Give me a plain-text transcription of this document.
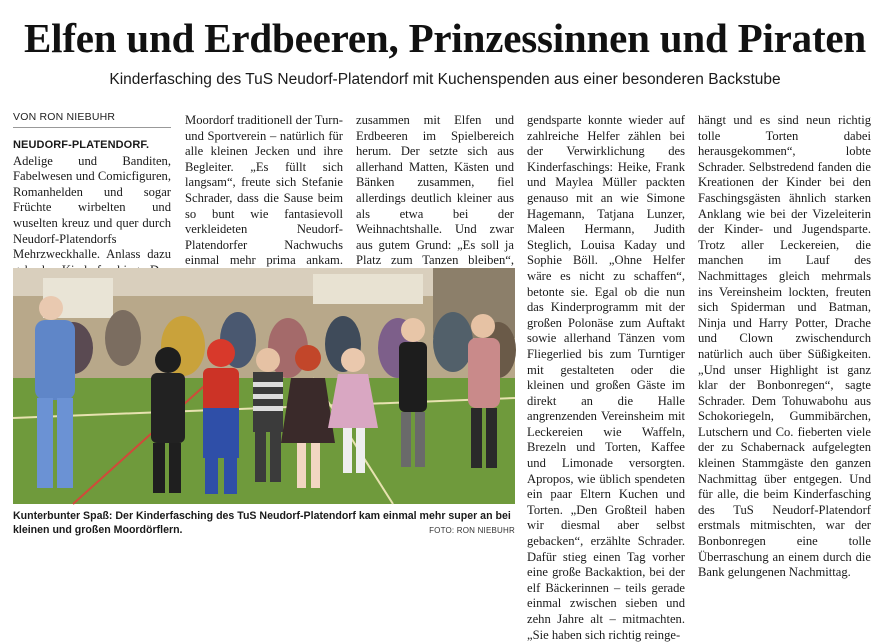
Elfen und Erdbeeren, Prinzessinnen und Piraten
Kinderfasching des TuS Neudorf-Platendorf mit Kuchenspenden aus einer besonderen Backstube
VON RON NIEBUHR

NEUDORF-PLATENDORF. Adelige und Banditen, Fabelwesen und Comicfiguren, Romanhelden und sogar Früchte wirbelten und wuselten kreuz und quer durch Neudorf-Platendorfs Mehrzweckhalle. Anlass dazu

Moordorf traditionell der Turn- und Sportverein – natürlich für alle kleinen Jecken und ihre Begleiter. „Es füllt sich langsam“, freute sich Stefanie Schrader, dass die Sause beim so bunt wie fantasievoll verkleideten Neudorf-Platendorfer Nachwuchs einmal mehr prima ankam.

zusammen mit Elfen und Erdbeeren im Spielbereich herum. Der setzte sich aus allerhand Matten, Kästen und Bänken zusammen, fiel allerdings deutlich kleiner aus als etwa bei der Weihnachtshalle. Und zwar aus gutem Grund: „Es soll ja Platz zum Tanzen bleiben“,

gendsparte konnte wieder auf zahlreiche Helfer zählen bei der Verwirklichung des Kinderfaschings: Heike, Frank und Maylea Müller packten genauso mit an wie Simone Hagemann, Tatjana Lunzer, Maleen Hermann, Judith Steglich, Louisa Kaday und Sophie Böll. „Ohne Helfer wäre es nicht zu schaffen“, betonte sie. Egal ob die nun das Kinderprogramm mit der großen Polonäse zum Auftakt sowie allerhand Tänzen vom Fliegerlied bis zum Turntiger mit gestalteten oder die kleinen und großen Gäste im direkt an die Halle angrenzenden Vereinsheim mit Leckereien wie Waffeln, Brezeln und Torten, Kaffee und Limonade versorgten. Apropos, wie üblich spendeten ein paar Eltern Kuchen und Torten. „Den Großteil haben wir diesmal aber selbst gebacken“, erzählte Schrader. Dafür stieg einen Tag vorher eine große Backaktion, bei der elf Bäckerinnen – teils gerade einmal zwischen sieben und zehn Jahre alt – mitmachten. „Sie haben sich richtig reinge-

hängt und es sind neun richtig tolle Torten dabei herausgekommen“, lobte Schrader. Selbstredend fanden die Kreationen der Kinder bei den Faschingsgästen ähnlich starken Anklang wie bei der Vizeleiterin der Kinder- und Jugendsparte. Trotz aller Leckereien, die manchen im Lauf des Nachmittages gleich mehrmals ins Vereinsheim lockten, freuten sich Spiderman und Batman, Ninja und Harry Potter, Drache und Clown zwischendurch natürlich auch über Süßigkeiten. „Und unser Highlight ist ganz klar der Bonbonregen“, sagte Schrader. Dem Tohuwabohu aus Schokoriegeln, Gummibärchen, Lutschern und Co. fieberten viele der zu Schabernack aufgelegten kleinen Stammgäste den ganzen Nachmittag über entgegen. Und für alle, die beim Kinderfasching des TuS Neudorf-Platendorf erstmals mitmischten, war der Bonbonregen eine tolle Überraschung an einem durch die Bank gelungenen Nachmittag.

Kunterbunter Spaß: Der Kinderfasching des TuS Neudorf-Platendorf kam einmal mehr super an bei kleinen und großen Moordörflern.	FOTO: RON NIEBUHR
